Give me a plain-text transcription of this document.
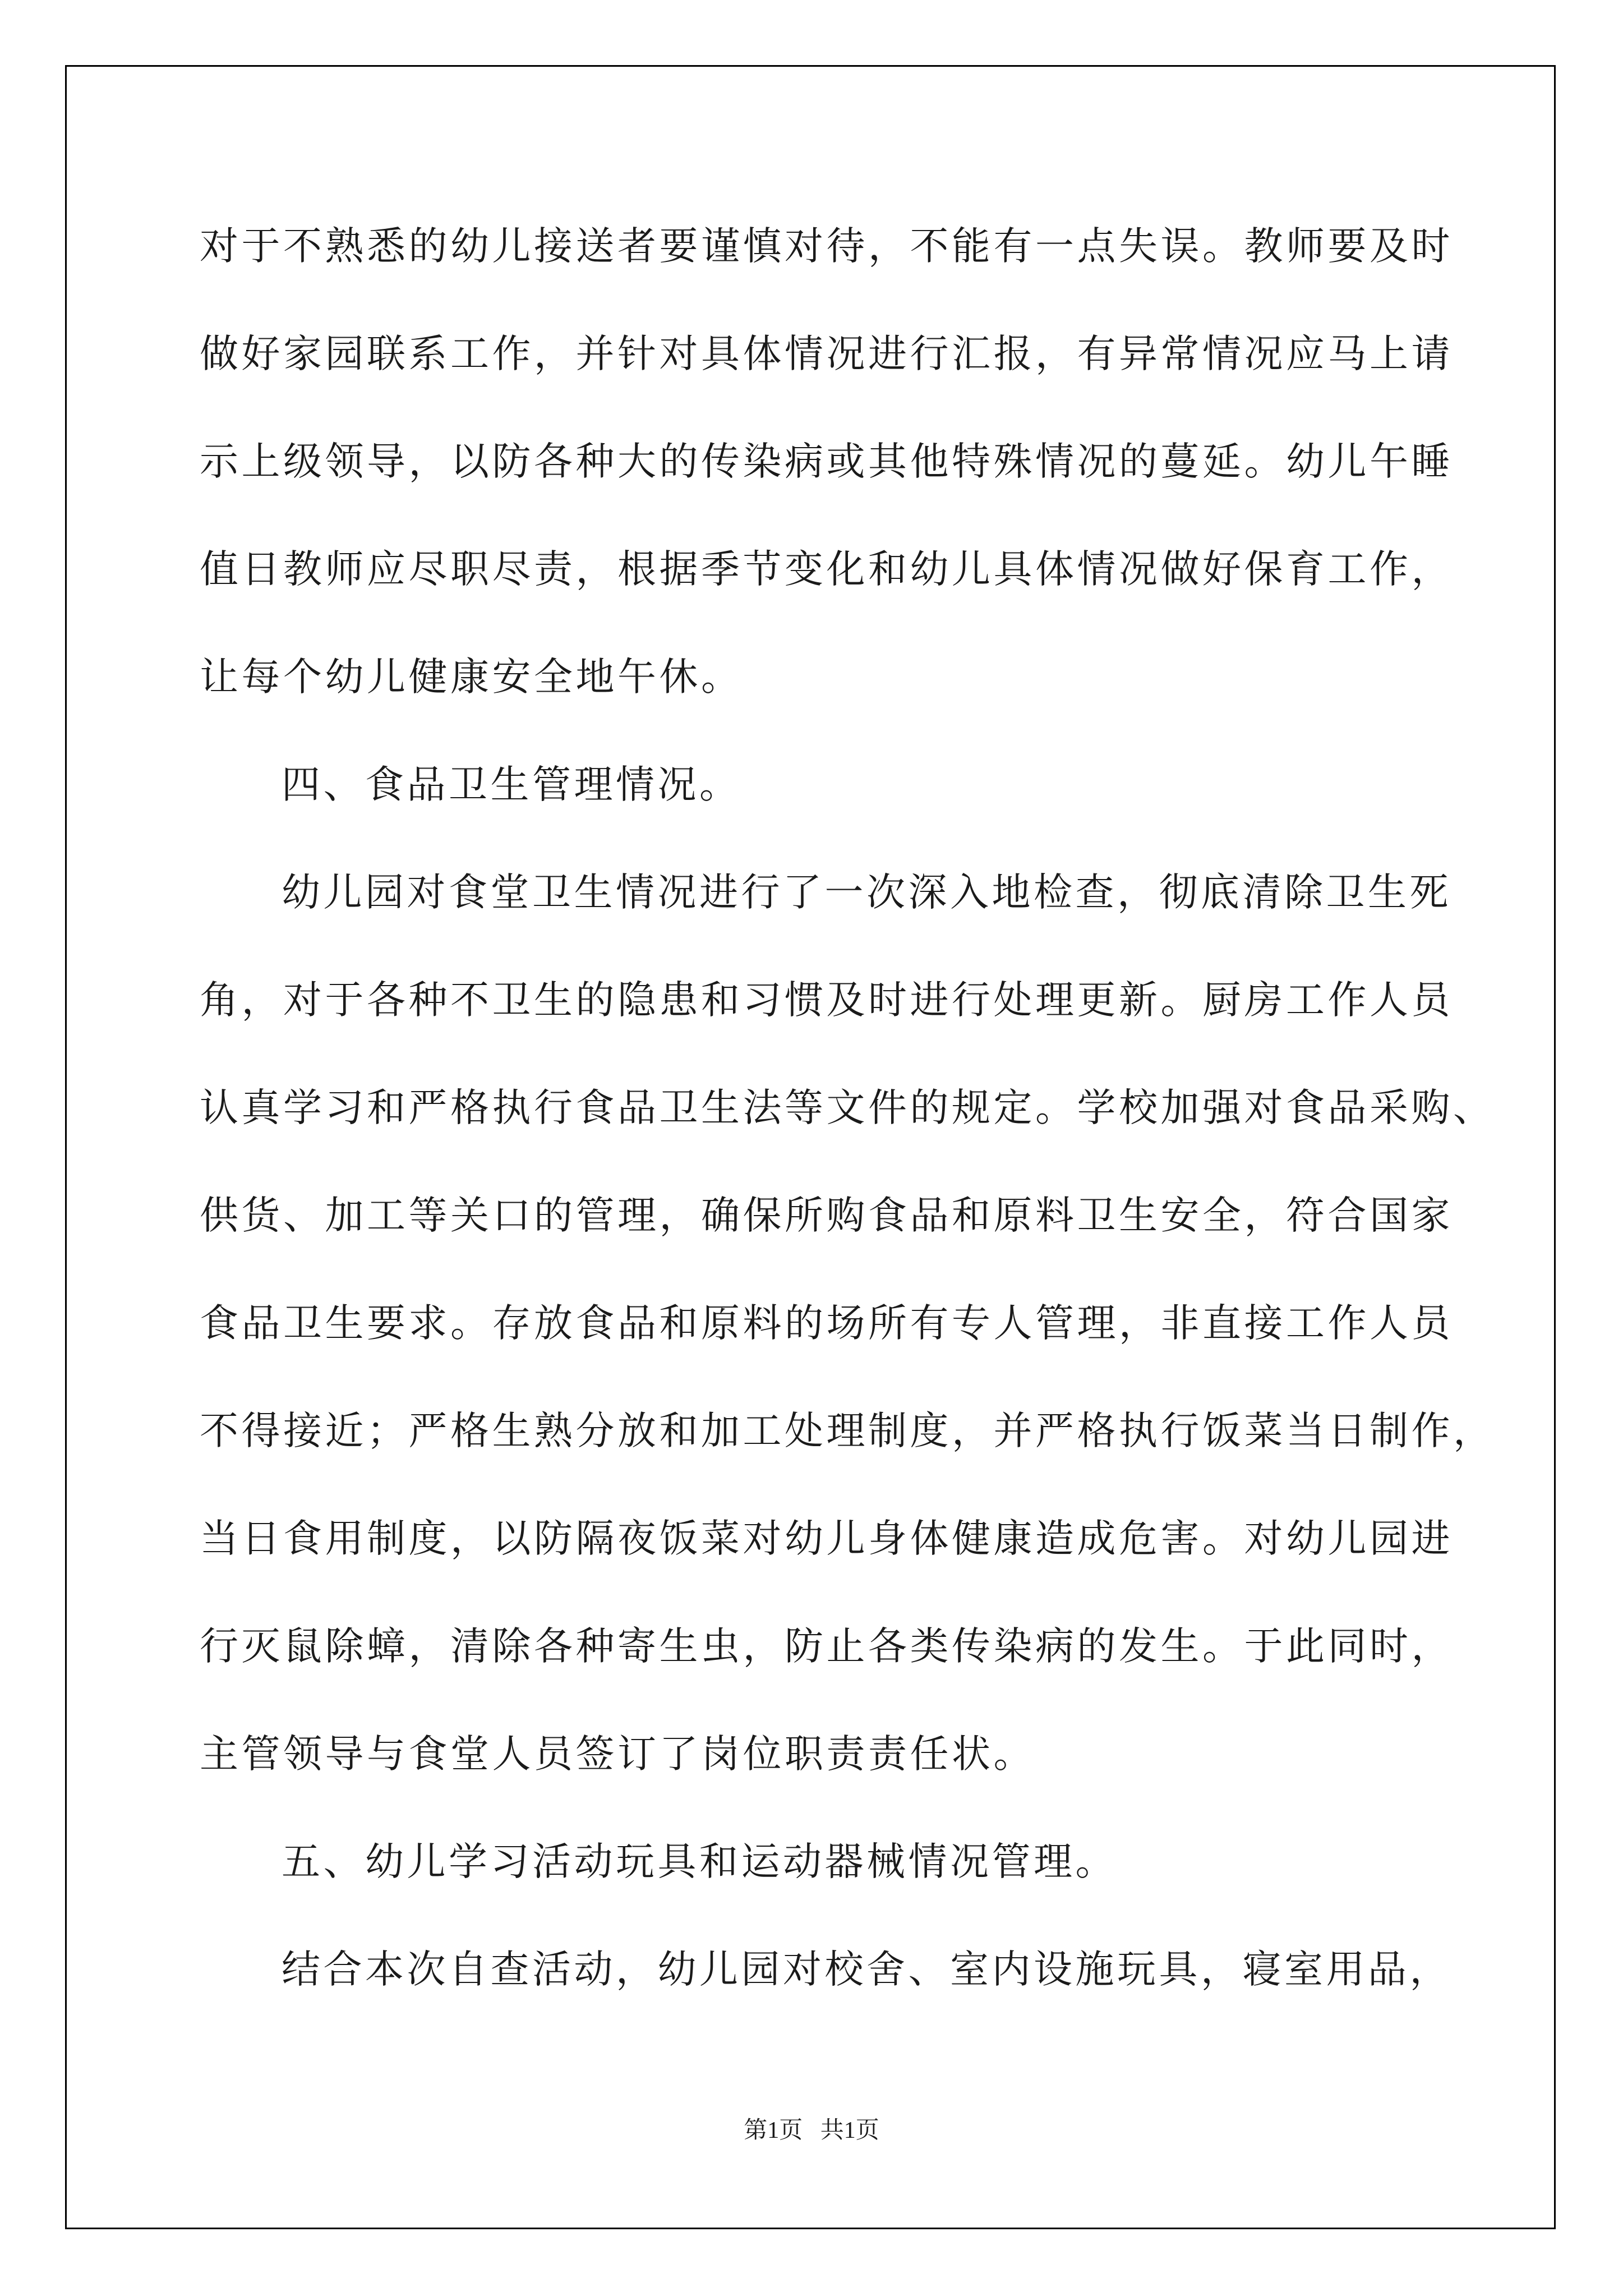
对于不熟悉的幼儿接送者要谨慎对待，不能有一点失误。教师要及时
做好家园联系工作，并针对具体情况进行汇报，有异常情况应马上请
示上级领导，以防各种大的传染病或其他特殊情况的蔓延。幼儿午睡
值日教师应尽职尽责，根据季节变化和幼儿具体情况做好保育工作，
让每个幼儿健康安全地午休。
四、食品卫生管理情况。
幼儿园对食堂卫生情况进行了一次深入地检查，彻底清除卫生死
角，对于各种不卫生的隐患和习惯及时进行处理更新。厨房工作人员
认真学习和严格执行食品卫生法等文件的规定。学校加强对食品采购、
供货、加工等关口的管理，确保所购食品和原料卫生安全，符合国家
食品卫生要求。存放食品和原料的场所有专人管理，非直接工作人员
不得接近；严格生熟分放和加工处理制度，并严格执行饭菜当日制作，
当日食用制度，以防隔夜饭菜对幼儿身体健康造成危害。对幼儿园进
行灭鼠除蟑，清除各种寄生虫，防止各类传染病的发生。于此同时，
主管领导与食堂人员签订了岗位职责责任状。
五、幼儿学习活动玩具和运动器械情况管理。
结合本次自查活动，幼儿园对校舍、室内设施玩具，寝室用品，
第1页   共1页
